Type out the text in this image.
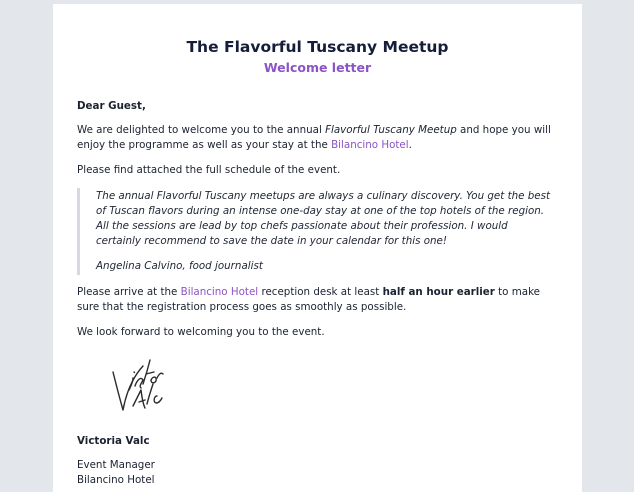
The Flavorful Tuscany Meetup
Welcome letter

Dear Guest,

We are delighted to welcome you to the annual Flavorful Tuscany Meetup and hope you will enjoy the programme as well as your stay at the Bilancino Hotel.

Please find attached the full schedule of the event.

The annual Flavorful Tuscany meetups are always a culinary discovery. You get the best of Tuscan flavors during an intense one-day stay at one of the top hotels of the region. All the sessions are lead by top chefs passionate about their profession. I would certainly recommend to save the date in your calendar for this one!

Angelina Calvino, food journalist

Please arrive at the Bilancino Hotel reception desk at least half an hour earlier to make sure that the registration process goes as smoothly as possible.

We look forward to welcoming you to the event.

Victoria Valc

Event Manager

Bilancino Hotel
